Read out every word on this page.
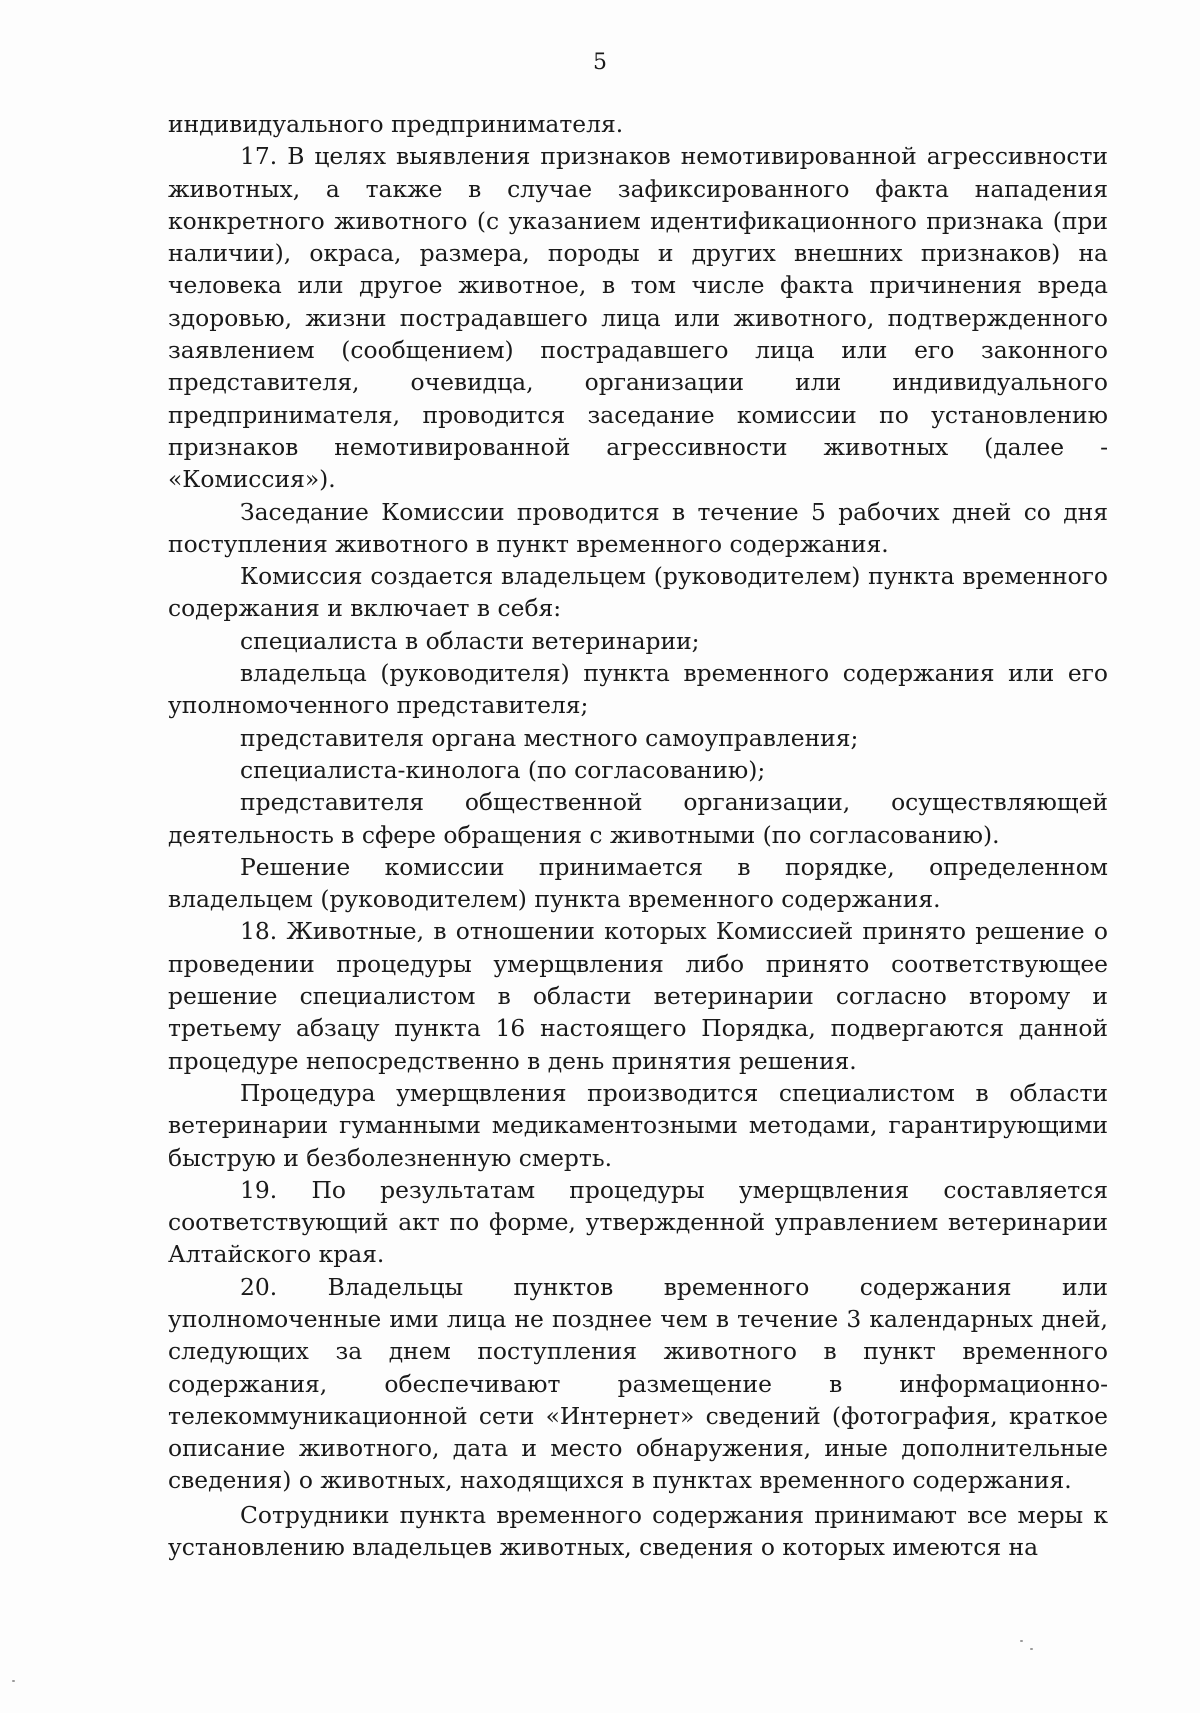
5

индивидуального предпринимателя.

17. В целях выявления признаков немотивированной агрессивности животных, а также в случае зафиксированного факта нападения конкретного животного (с указанием идентификационного признака (при наличии), окраса, размера, породы и других внешних признаков) на человека или другое животное, в том числе факта причинения вреда здоровью, жизни пострадавшего лица или животного, подтвержденного заявлением (сообщением) пострадавшего лица или его законного представителя, очевидца, организации или индивидуального предпринимателя, проводится заседание комиссии по установлению признаков немотивированной агрессивности животных (далее - «Комиссия»).

Заседание Комиссии проводится в течение 5 рабочих дней со дня поступления животного в пункт временного содержания.

Комиссия создается владельцем (руководителем) пункта временного содержания и включает в себя:

специалиста в области ветеринарии;

владельца (руководителя) пункта временного содержания или его уполномоченного представителя;

представителя органа местного самоуправления;

специалиста-кинолога (по согласованию);

представителя общественной организации, осуществляющей деятельность в сфере обращения с животными (по согласованию).

Решение комиссии принимается в порядке, определенном владельцем (руководителем) пункта временного содержания.

18. Животные, в отношении которых Комиссией принято решение о проведении процедуры умерщвления либо принято соответствующее решение специалистом в области ветеринарии согласно второму и третьему абзацу пункта 16 настоящего Порядка, подвергаются данной процедуре непосредственно в день принятия решения.

Процедура умерщвления производится специалистом в области ветеринарии гуманными медикаментозными методами, гарантирующими быструю и безболезненную смерть.

19. По результатам процедуры умерщвления составляется соответствующий акт по форме, утвержденной управлением ветеринарии Алтайского края.

20. Владельцы пунктов временного содержания или уполномоченные ими лица не позднее чем в течение 3 календарных дней, следующих за днем поступления животного в пункт временного содержания, обеспечивают размещение в информационно-телекоммуникационной сети «Интернет» сведений (фотография, краткое описание животного, дата и место обнаружения, иные дополнительные сведения) о животных, находящихся в пунктах временного содержания.

Сотрудники пункта временного содержания принимают все меры к установлению владельцев животных, сведения о которых имеются на
